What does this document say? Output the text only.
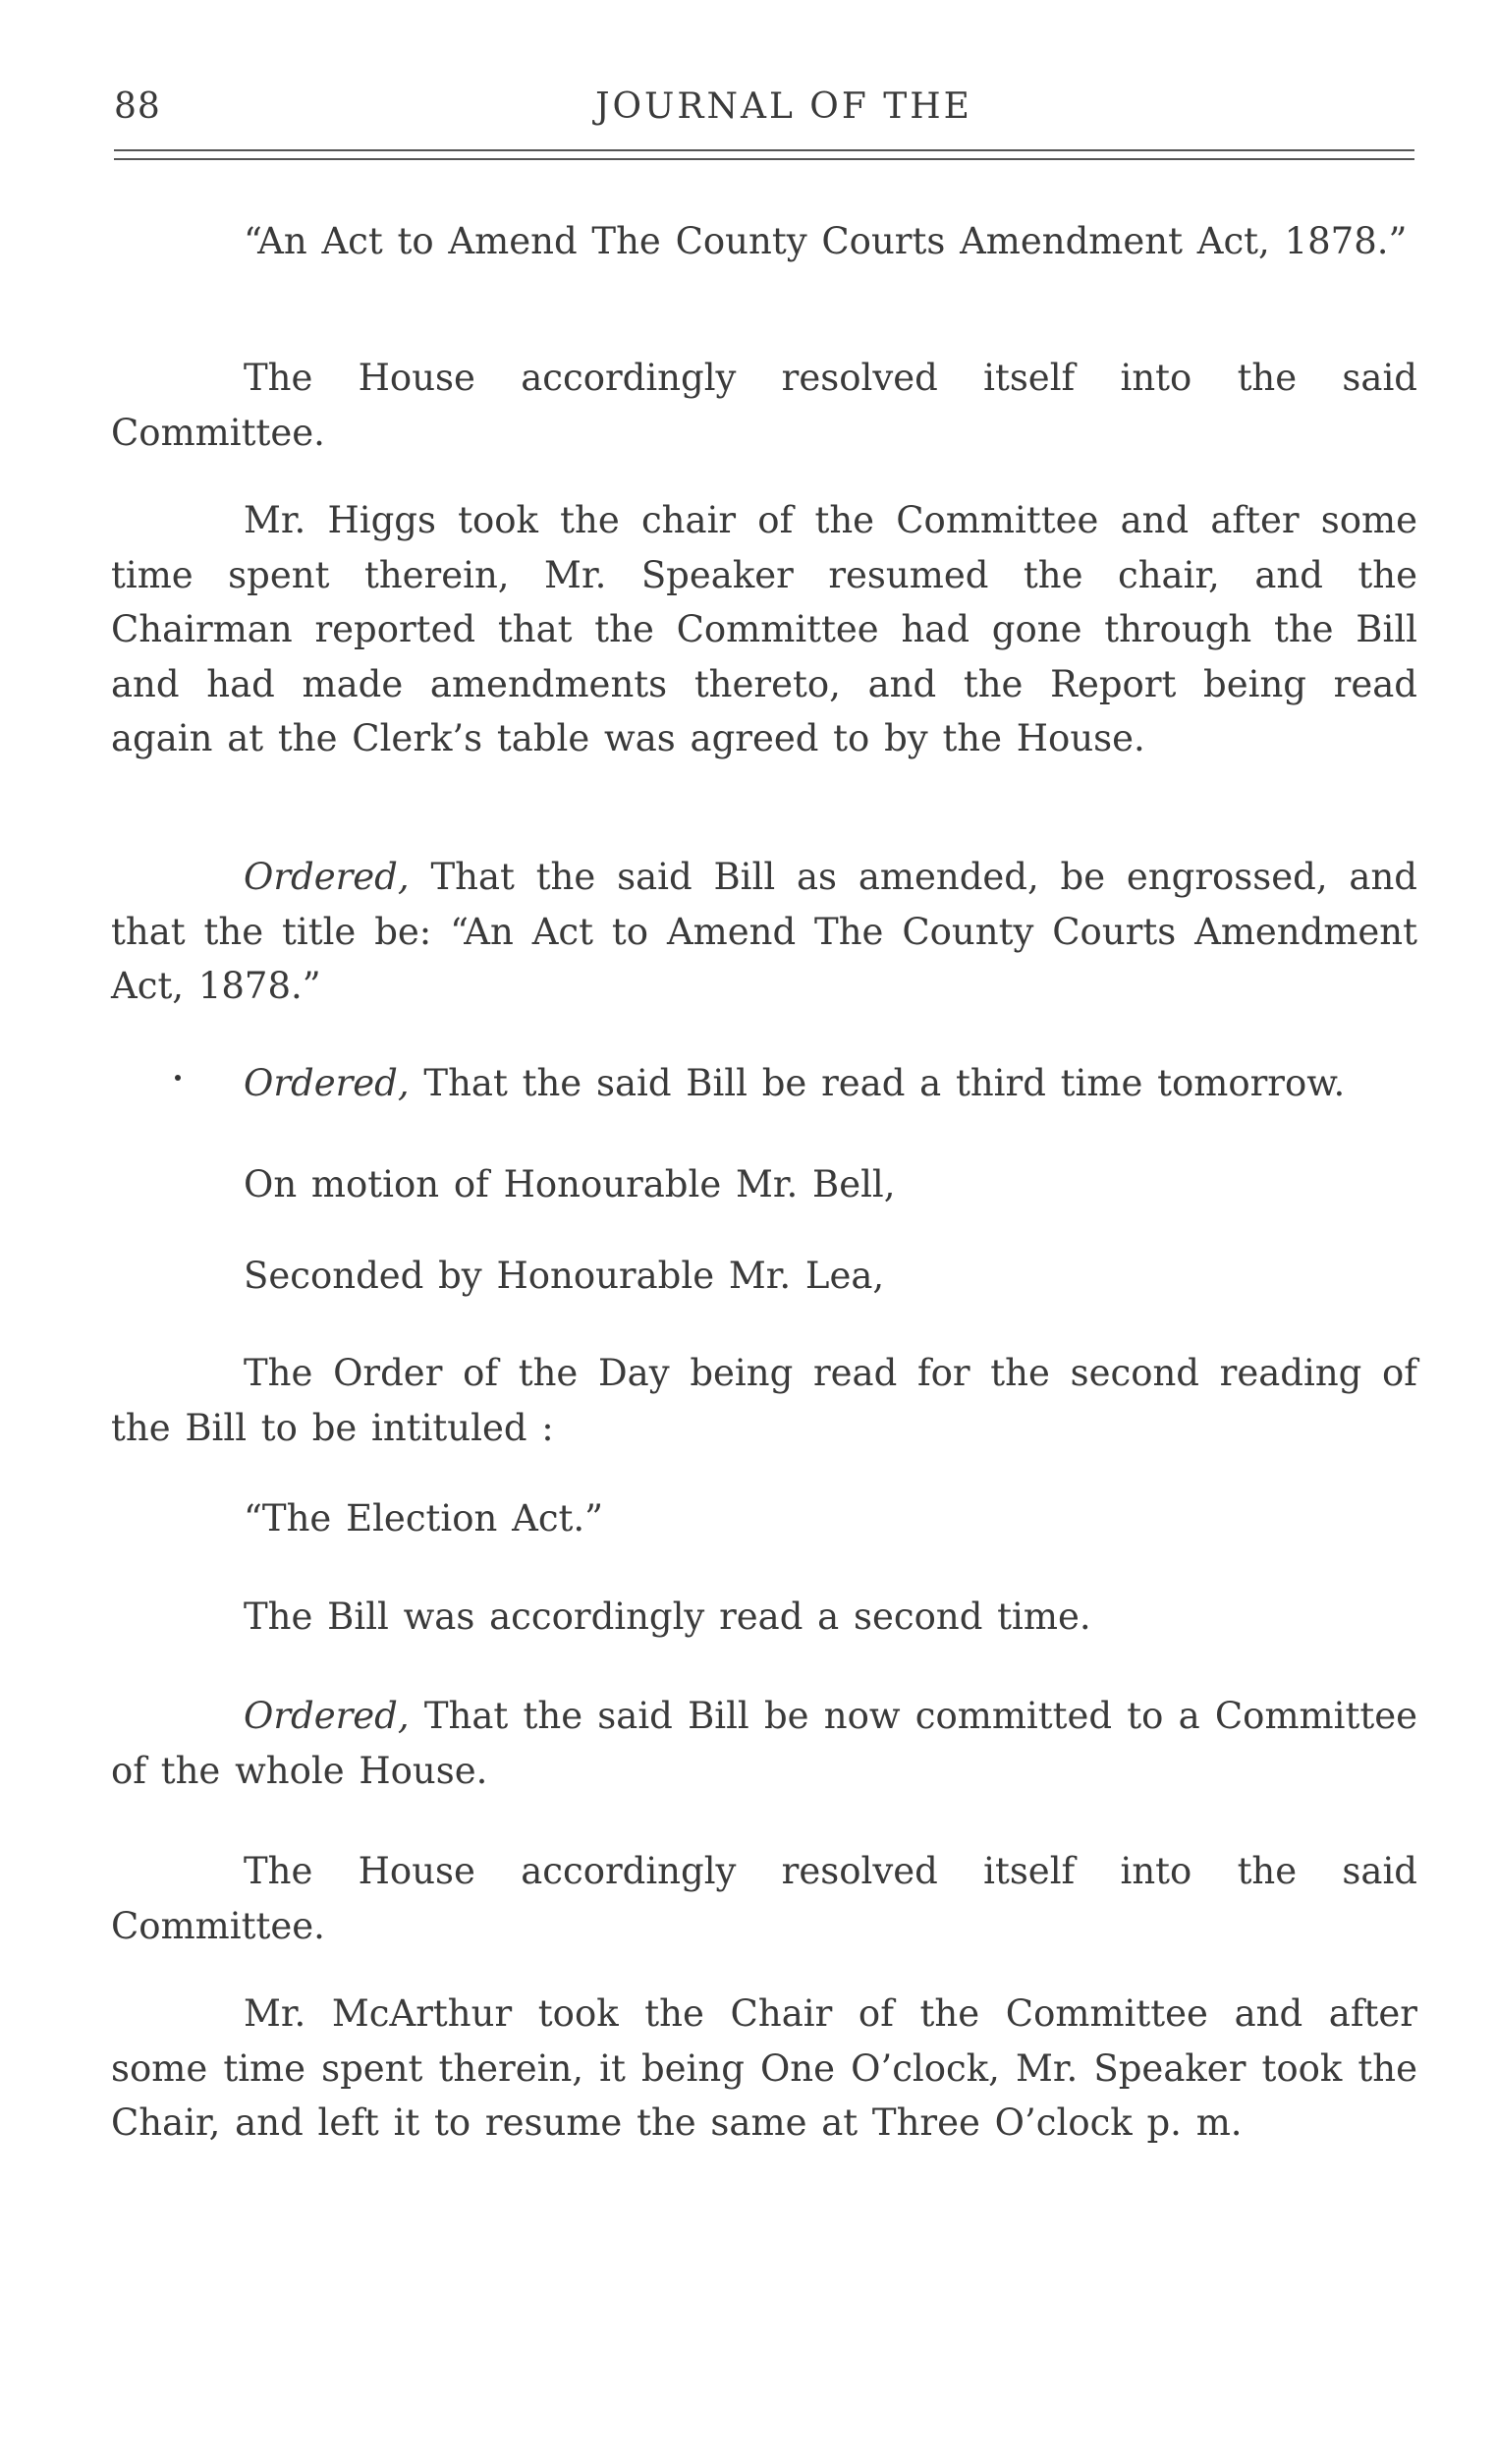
88	JOURNAL OF THE
“An Act to Amend The County Courts Amendment Act, 1878.”
The House accordingly resolved itself into the said Committee.
Mr. Higgs took the chair of the Committee and after some time spent therein, Mr. Speaker resumed the chair, and the Chairman reported that the Committee had gone through the Bill and had made amendments thereto, and the Report being read again at the Clerk’s table was agreed to by the House.
Ordered, That the said Bill as amended, be engrossed, and that the title be: “An Act to Amend The County Courts Amendment Act, 1878.”
Ordered, That the said Bill be read a third time tomorrow.
On motion of Honourable Mr. Bell,
Seconded by Honourable Mr. Lea,
The Order of the Day being read for the second reading of the Bill to be intituled :
“The Election Act.”
The Bill was accordingly read a second time.
Ordered, That the said Bill be now committed to a Committee of the whole House.
The House accordingly resolved itself into the said Committee.
Mr. McArthur took the Chair of the Committee and after some time spent therein, it being One O’clock, Mr. Speaker took the Chair, and left it to resume the same at Three O’clock p. m.
